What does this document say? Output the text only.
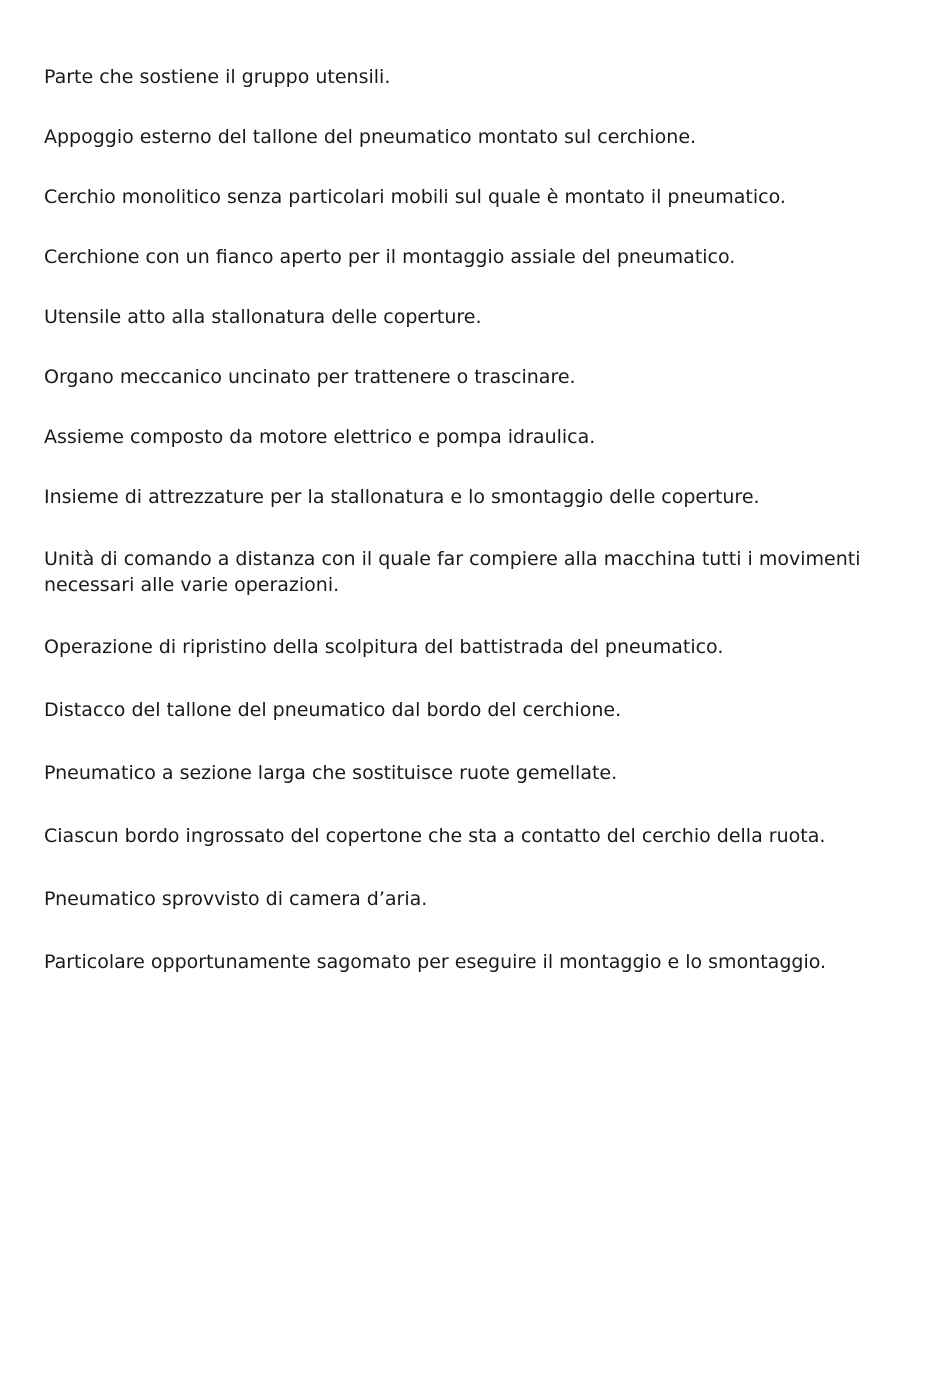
Parte che sostiene il gruppo utensili.
Appoggio esterno del tallone del pneumatico montato sul cerchione.
Cerchio monolitico senza particolari mobili sul quale è montato il pneumatico.
Cerchione con un fianco aperto per il montaggio assiale del pneumatico.
Utensile atto alla stallonatura delle coperture.
Organo meccanico uncinato per trattenere o trascinare.
Assieme composto da motore elettrico e pompa idraulica.
Insieme di attrezzature per la stallonatura e lo smontaggio delle coperture.
Unità di comando a distanza con il quale far compiere alla macchina tutti i movimenti necessari alle varie operazioni.
Operazione di ripristino della scolpitura del battistrada del pneumatico.
Distacco del tallone del pneumatico dal bordo del cerchione.
Pneumatico a sezione larga che sostituisce ruote gemellate.
Ciascun bordo ingrossato del copertone che sta a contatto del cerchio della ruota.
Pneumatico sprovvisto di camera d’aria.
Particolare opportunamente sagomato per eseguire il montaggio e lo smontaggio.
